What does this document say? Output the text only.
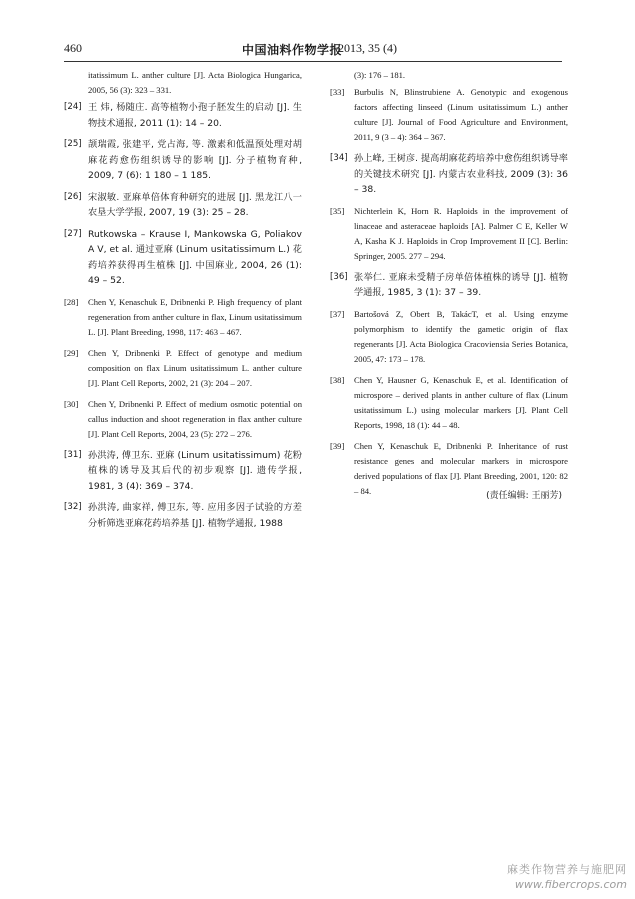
460	中国油料作物学报
2013, 35 (4)

itatissimum L. anther culture [J]. Acta Biologica Hungarica, 2005, 56 (3): 323 – 331.

[24] 王 炜, 杨随庄. 高等植物小孢子胚发生的启动 [J]. 生物技术通报, 2011 (1): 14 – 20.

[25] 颉瑞霞, 张建平, 党占海, 等. 激素和低温预处理对胡麻花药愈伤组织诱导的影响 [J]. 分子植物育种, 2009, 7 (6): 1 180 – 1 185.

[26] 宋淑敏. 亚麻单倍体育种研究的进展 [J]. 黑龙江八一农垦大学学报, 2007, 19 (3): 25 – 28.

[27] Rutkowska – Krause I, Mankowska G, Poliakov A V, et al. 通过亚麻 (Linum usitatissimum L.) 花药培养获得再生植株 [J]. 中国麻业, 2004, 26 (1): 49 – 52.

[28] Chen Y, Kenaschuk E, Dribnenki P. High frequency of plant regeneration from anther culture in flax, Linum usitatissimum L. [J]. Plant Breeding, 1998, 117: 463 – 467.

[29] Chen Y, Dribnenki P. Effect of genotype and medium composition on flax Linum usitatissimum L. anther culture [J]. Plant Cell Reports, 2002, 21 (3): 204 – 207.

[30] Chen Y, Dribnenki P. Effect of medium osmotic potential on callus induction and shoot regeneration in flax anther culture [J]. Plant Cell Reports, 2004, 23 (5): 272 – 276.

[31] 孙洪涛, 傅卫东. 亚麻 (Linum usitatissimum) 花粉植株的诱导及其后代的初步观察 [J]. 遗传学报, 1981, 3 (4): 369 – 374.

[32] 孙洪涛, 曲家祥, 傅卫东, 等. 应用多因子试验的方差分析筛选亚麻花药培养基 [J]. 植物学通报, 1988

(3): 176 – 181.

[33] Burbulis N, Blinstrubiene A. Genotypic and exogenous factors affecting linseed (Linum usitatissimum L.) anther culture [J]. Journal of Food Agriculture and Environment, 2011, 9 (3 – 4): 364 – 367.

[34] 孙上峰, 王树彦. 提高胡麻花药培养中愈伤组织诱导率的关键技术研究 [J]. 内蒙古农业科技, 2009 (3): 36 – 38.

[35] Nichterlein K, Horn R. Haploids in the improvement of linaceae and asteraceae haploids [A]. Palmer C E, Keller W A, Kasha K J. Haploids in Crop Improvement II [C]. Berlin: Springer, 2005. 277 – 294.

[36] 张举仁. 亚麻未受精子房单倍体植株的诱导 [J]. 植物学通报, 1985, 3 (1): 37 – 39.

[37] Bartošová Z, Obert B, TakácT, et al. Using enzyme polymorphism to identify the gametic origin of flax regenerants [J]. Acta Biologica Cracoviensia Series Botanica, 2005, 47: 173 – 178.

[38] Chen Y, Hausner G, Kenaschuk E, et al. Identification of microspore – derived plants in anther culture of flax (Linum usitatissimum L.) using molecular markers [J]. Plant Cell Reports, 1998, 18 (1): 44 – 48.

[39] Chen Y, Kenaschuk E, Dribnenki P. Inheritance of rust resistance genes and molecular markers in microspore derived populations of flax [J]. Plant Breeding, 2001, 120: 82 – 84.

(责任编辑: 王丽芳)
麻类作物营养与施肥网
www.fibercrops.com
